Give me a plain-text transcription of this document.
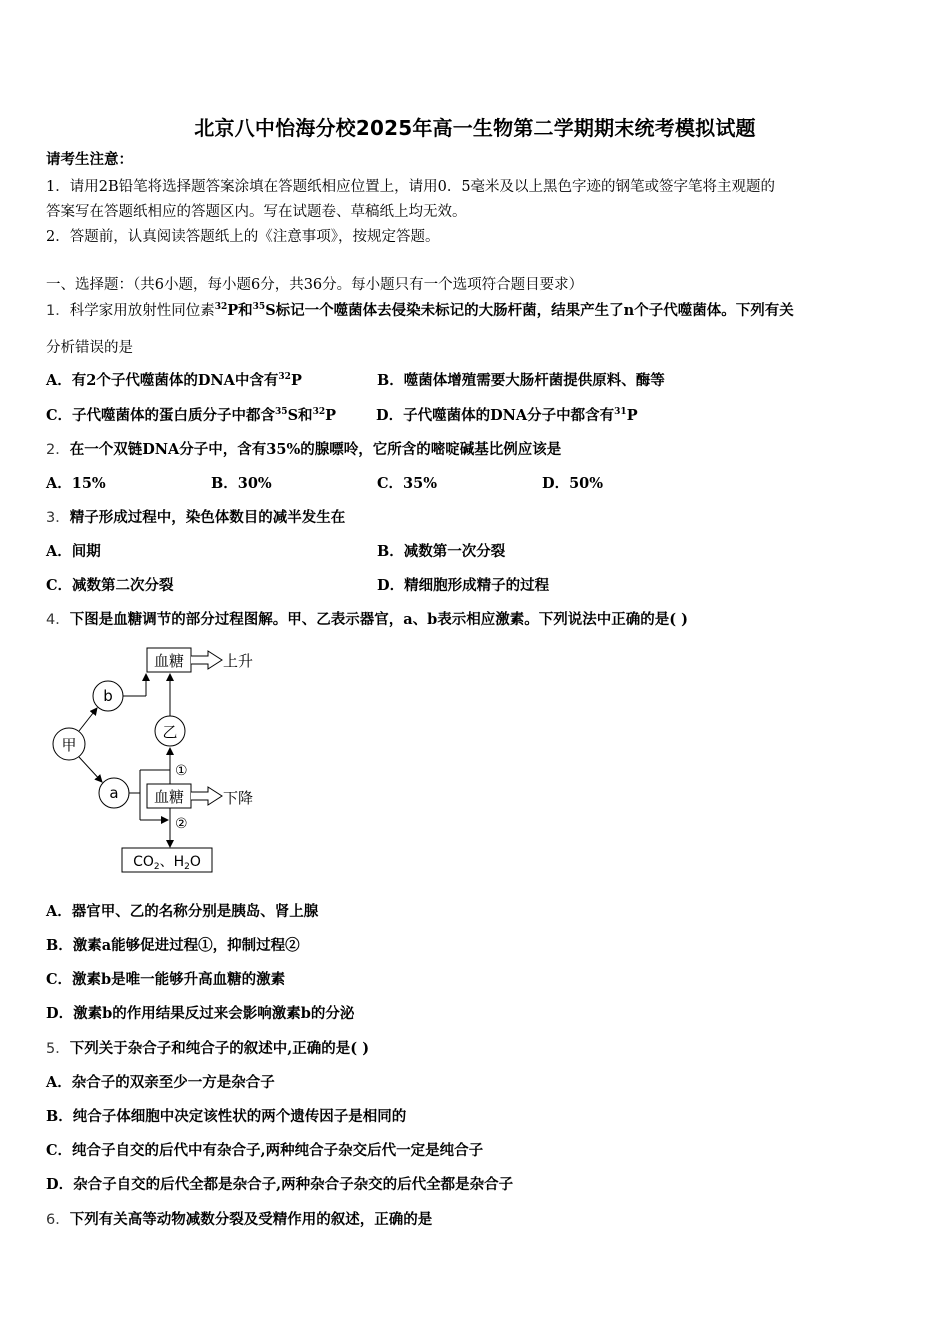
北京八中怡海分校2025年高一生物第二学期期末统考模拟试题
请考生注意：
1．请用2B铅笔将选择题答案涂填在答题纸相应位置上，请用0．5毫米及以上黑色字迹的钢笔或签字笔将主观题的
答案写在答题纸相应的答题区内。写在试题卷、草稿纸上均无效。
2．答题前，认真阅读答题纸上的《注意事项》，按规定答题。
一、选择题：（共6小题，每小题6分，共36分。每小题只有一个选项符合题目要求）
1．科学家用放射性同位素$^{32}$P和$^{35}$S标记一个噬菌体去侵染未标记的大肠杆菌，结果产生了n个子代噬菌体。下列有关
分析错误的是
A．有2个子代噬菌体的DNA中含有$^{32}$P	B．噬菌体增殖需要大肠杆菌提供原料、酶等
C．子代噬菌体的蛋白质分子中都含$^{35}$S和$^{32}$P	D．子代噬菌体的DNA分子中都含有$^{31}$P
2．在一个双链DNA分子中，含有35%的腺嘌呤，它所含的嘧啶碱基比例应该是
A．15%	B．30%	C．35%	D．50%
3．精子形成过程中，染色体数目的减半发生在
A．间期	B．减数第一次分裂
C．减数第二次分裂	D．精细胞形成精子的过程
4．下图是血糖调节的部分过程图解。甲、乙表示器官，a、b表示相应激素。下列说法中正确的是( )
甲
b
a
乙
血糖
血糖
$CO_2$、$H_2O$
上升
下降
①
②
A．器官甲、乙的名称分别是胰岛、肾上腺
B．激素a能够促进过程①，抑制过程②
C．激素b是唯一能够升高血糖的激素
D．激素b的作用结果反过来会影响激素b的分泌
5．下列关于杂合子和纯合子的叙述中,正确的是( )
A．杂合子的双亲至少一方是杂合子
B．纯合子体细胞中决定该性状的两个遗传因子是相同的
C．纯合子自交的后代中有杂合子,两种纯合子杂交后代一定是纯合子
D．杂合子自交的后代全都是杂合子,两种杂合子杂交的后代全都是杂合子
6．下列有关高等动物减数分裂及受精作用的叙述，正确的是
